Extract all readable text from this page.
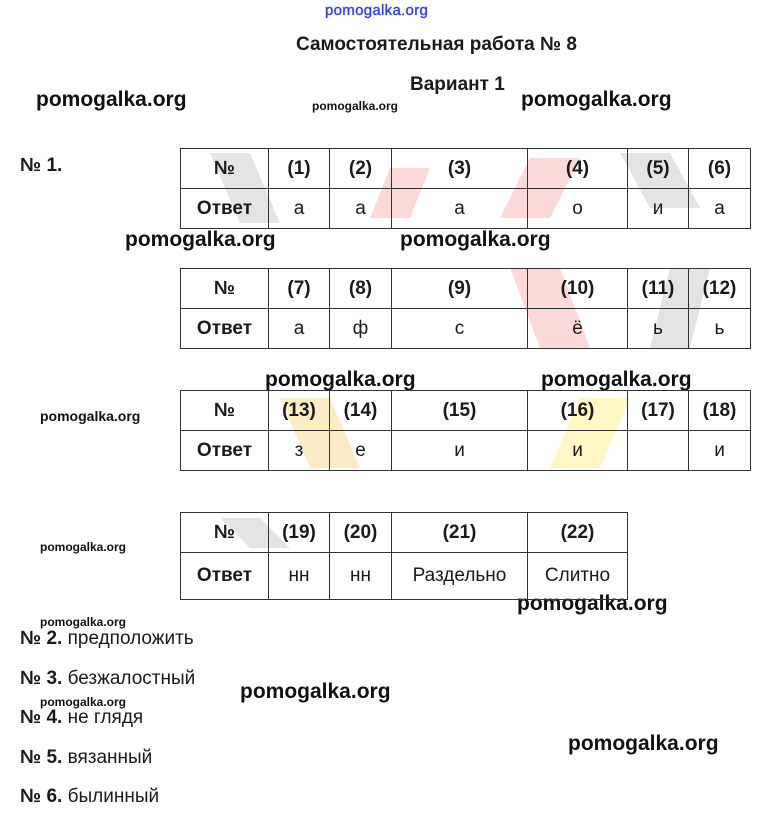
pomogalka.org
Самостоятельная работа № 8
Вариант 1
pomogalka.org	pomogalka.org	pomogalka.org
pomogalka.org	pomogalka.org
pomogalka.org	pomogalka.org
pomogalka.org
pomogalka.org
pomogalka.org
pomogalka.org
pomogalka.org
pomogalka.org
pomogalka.org
№ 1.	№	(1)	(2)	(3)	(4)	(5)	(6)
Ответ	а	а	а	о	и	а
№	(7)	(8)	(9)	(10)	(11)	(12)
Ответ	а	ф	с	ё	ь	ь
№	(13)	(14)	(15)	(16)	(17)	(18)
Ответ	з	е	и	и		и
№	(19)	(20)	(21)	(22)
Ответ	нн	нн	Раздельно	Слитно
№ 2. предположить
№ 3. безжалостный
№ 4. не глядя
№ 5. вязанный
№ 6. былинный
